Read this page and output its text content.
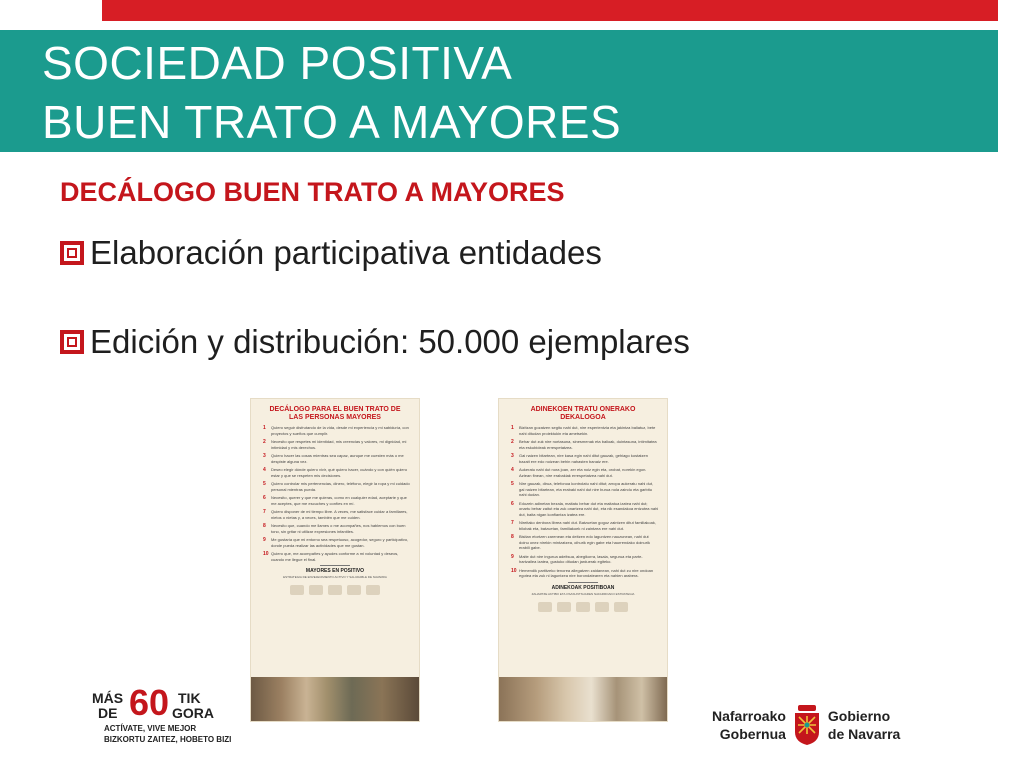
SOCIEDAD POSITIVA
BUEN TRATO A MAYORES
DECÁLOGO BUEN TRATO A MAYORES
Elaboración participativa entidades
Edición y distribución: 50.000 ejemplares
DECÁLOGO PARA EL BUEN TRATO DE LAS PERSONAS MAYORES
1	Quiero seguir disfrutando de la vida, desde mi experiencia y mi sabiduría, con proyectos y sueños que cumplir.
2	Necesito que respetes mi identidad, mis creencias y valores, mi dignidad, mi intimidad y mis derechos.
3	Quiero hacer las cosas mientras sea capaz, aunque me cuesten más o me despiste alguna vez.
4	Deseo elegir dónde quiero vivir, qué quiero hacer, cuándo y con quién quiero estar y que se respeten mis decisiones.
5	Quiero controlar mis pertenencias, dinero, teléfono, elegir la ropa y mi cuidado personal mientras pueda.
6	Necesito, querer y que me quieras, como en cualquier edad, aceptarte y que me aceptes, que me escuches y confíes en mí.
7	Quiero disponer de mi tiempo libre. A veces, me satisface cuidar a familiares, nietos o nietas y, a veces, también que me cuiden.
8	Necesito que, cuando me llames o me acompañes, nos hablemos con buen tono, sin gritar ni utilizar expresiones infantiles.
9	Me gustaría que mi entorno sea respetuoso, acogedor, seguro y participativo, donde pueda realizar las actividades que me gustan.
10 Quiero que, me acompañes y ayudes conforme a mi voluntad y deseos, cuando me llegue el final.
MAYORES EN POSITIVO
ESTRATEGIA DE ENVEJECIMIENTO ACTIVO Y SALUDABLE DE NAVARRA
ADINEKOEN TRATU ONERAKO DEKALOGOA
1	Bizitzan gozatzen segitu nahi dut, nire esperientzia eta jakintza baliatuz, bete nahi ditudan proiektukin eta ametsekin.
2	Behar dut zuk nire nortasuna, sinesmenak eta balioak, duintasuna, intimitatea eta eskubideak errespetatzea.
3	Gai naizen bitartean, nire kasa egin nahi ditut gauzak, gehiago kostatzen bazait ere edo noizean behin nahasten banaiz ere.
4	Aukeratu nahi dut nora joan, zer eta noiz egin eta, orobat, norekin egon. Aztean finean, nire erabakiak errespetatzea nahi dut.
5	Nire gauzak, dirua, telefonoa kontrolatu nahi ditut; arropa aukeratu nahi dut, gai naizen bitartean, eta erabaki nahi dut nire burua nola zaindu eta garbitu nahi dudan.
6	Edozein adinetan bezala, maitatu behar dut eta maitatua izatea nahi dut; onartu behar zaitut eta zuk onartzea nahi dut, eta nik esandakoa entzutea nahi dut, baita nigan konfiantza izatea ere.
7	Nireitako denbora librea nahi dut. Batzuetan gogoz zaintzen ditut familiakoak, bilobak eta, batzuetan, familiakoek ni zaintzea ere nahi dut.
8	Bisitan etortzen zarenean eta deitzen edo laguntzen nauzunean, nahi dut doinu onez nirekin mintzatzea, oihurik egin gabe eta haurrendako doinurik erabili gabe.
9	Maite dut nire ingurua adeitsua, abegikorra, lasaia, segurua eta parte-hartzailea izatea, gustuko ditudan jarduerak egiteko.
10 Hemendik partitzeko tenorea allegatzen zaidanean, nahi dut zu nire ondoan egotea eta zuk ni laguntzea nire borondatearen eta nahien arabera.
ADINEKOAK POSITIBOAN
ZAHARTZE AKTIBO ETA OSASUNTSUAREN NAFARROAKO ESTRATEGIA
MÁS
DE 60 TIK
GORA
ACTÍVATE, VIVE MEJOR
BIZKORTU ZAITEZ, HOBETO BIZI
Nafarroako
Gobernua
Gobierno
de Navarra
